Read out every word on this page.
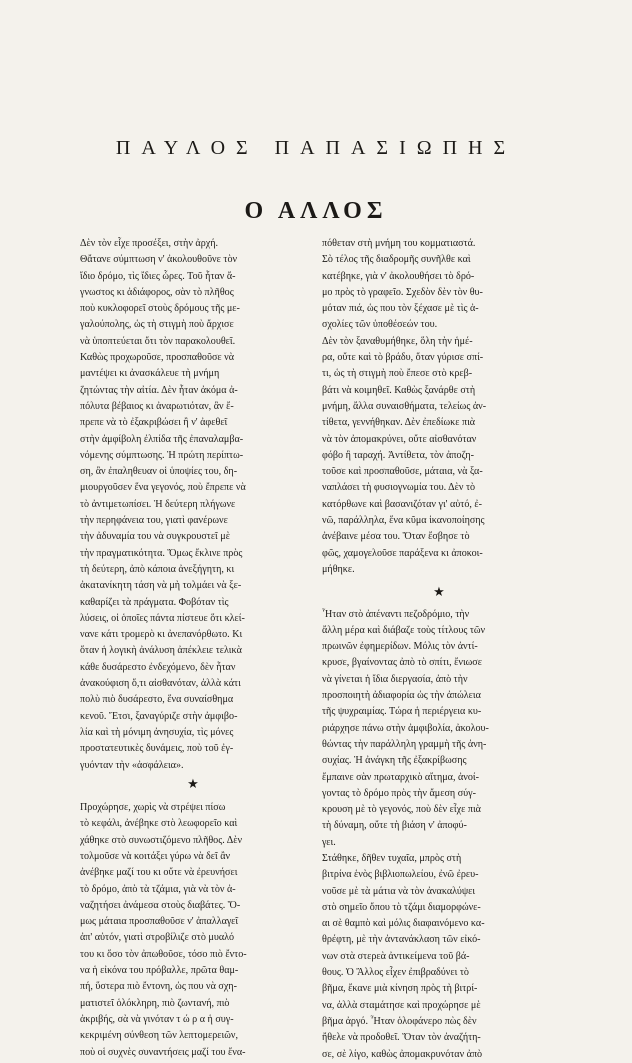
ΠΑΥΛΟΣ ΠΑΠΑΣΙΩΠΗΣ
Ο ΑΛΛΟΣ
Δὲν τὸν εἶχε προσέξει, στὴν ἀρχή.
Θἄτανε σύμπτωση ν' ἀκολουθοῦνε τὸν
ἴδιο δρόμο, τὶς ἴδιες ὧρες. Τοῦ ἦταν ἄ-
γνωστος κι ἀδιάφορος, σὰν τὸ πλῆθος
ποὺ κυκλοφορεῖ στοὺς δρόμους τῆς με-
γαλούπολης, ὡς τὴ στιγμὴ ποὺ ἄρχισε
νὰ ὑποπτεύεται ὅτι τὸν παρακολουθεῖ.
Καθὼς προχωροῦσε, προσπαθοῦσε νὰ
μαντέψει κι ἀνασκάλευε τὴ μνήμη
ζητώντας τὴν αἰτία. Δὲν ἦταν ἀκόμα ἀ-
πόλυτα βέβαιος κι ἀναρωτιόταν, ἂν ἔ-
πρεπε νὰ τὸ ἐξακριβώσει ἢ ν' ἀφεθεῖ
στὴν ἀμφίβολη ἐλπίδα τῆς ἐπαναλαμβα-
νόμενης σύμπτωσης. Ἡ πρώτη περίπτω-
ση, ἂν ἐπαληθευαν οἱ ὑποψίες του, δη-
μιουργοῦσεν ἕνα γεγονός, ποὺ ἔπρεπε νὰ
τὸ ἀντιμετωπίσει. Ἡ δεύτερη πλήγωνε
τὴν περηφάνεια του, γιατὶ φανέρωνε
τὴν ἀδυναμία του νὰ συγκρουστεῖ μὲ
τὴν πραγματικότητα. Ὅμως ἔκλινε πρὸς
τὴ δεύτερη, ἀπὸ κάποια ἀνεξήγητη, κι
ἀκατανίκητη τάση νὰ μὴ τολμάει νὰ ξε-
καθαρίζει τὰ πράγματα. Φοβόταν τὶς
λύσεις, οἱ ὁποῖες πάντα πίστευε ὅτι κλεί-
νανε κάτι τρομερὸ κι ἀνεπανόρθωτο. Κι
ὅταν ἡ λογικὴ ἀνάλυση ἀπέκλειε τελικὰ
κάθε δυσάρεστο ἐνδεχόμενο, δὲν ἦταν
ἀνακούφιση ὅ,τι αἰσθανόταν, ἀλλὰ κάτι
πολὺ πιὸ δυσάρεστο, ἕνα συναίσθημα
κενοῦ. Ἔτσι, ξαναγύριζε στὴν ἀμφιβο-
λία καὶ τὴ μόνιμη ἀνησυχία, τὶς μόνες
προστατευτικὲς δυνάμεις, ποὺ τοῦ ἐγ-
γυόνταν τὴν «ἀσφάλεια».
★
Προχώρησε, χωρὶς νὰ στρέψει πίσω
τὸ κεφάλι, ἀνέβηκε στὸ λεωφορεῖο καὶ
χάθηκε στὸ συνωστιζόμενο πλῆθος. Δὲν
τολμοῦσε νὰ κοιτάξει γύρω νὰ δεῖ ἂν
ἀνέβηκε μαζί του κι οὔτε νὰ ἐρευνήσει
τὸ δρόμο, ἀπὸ τὰ τζάμια, γιὰ νὰ τὸν ἀ-
ναζητήσει ἀνάμεσα στοὺς διαβάτες. Ὅ-
μως μάταια προσπαθοῦσε ν' ἀπαλλαγεῖ
ἀπ' αὐτόν, γιατὶ στροβίλιζε στὸ μυαλό
του κι ὅσο τὸν ἀπωθοῦσε, τόσο πιὸ ἔντο-
να ἡ εἰκόνα του πρόβαλλε, πρῶτα θαμ-
πή, ὕστερα πιὸ ἔντονη, ὡς που νὰ σχη-
ματιστεῖ ὁλόκληρη, πιὸ ζωντανή, πιὸ
ἀκριβής, σὰ νὰ γινόταν τ ώ ρ α ἡ συγ-
κεκριμένη σύνθεση τῶν λεπτομερειῶν,
ποὺ οἱ συχνὲς συναντήσεις μαζί του ἔνα-
πόθεταν στὴ μνήμη του κομματιαστά.
Σὸ τέλος τῆς διαδρομῆς συνῆλθε καὶ
κατέβηκε, γιὰ ν' ἀκολουθήσει τὸ δρό-
μο πρὸς τὸ γραφεῖο. Σχεδὸν δὲν τὸν θυ-
μόταν πιά, ὡς που τὸν ξέχασε μὲ τὶς ἀ-
σχολίες τῶν ὑποθέσεών του.
Δὲν τὸν ξαναθυμήθηκε, ὅλη τὴν ἡμέ-
ρα, οὔτε καὶ τὸ βράδυ, ὅταν γύρισε σπί-
τι, ὡς τὴ στιγμὴ ποὺ ἔπεσε στὸ κρεβ-
βάτι νὰ κοιμηθεῖ. Καθὼς ξανάρθε στὴ
μνήμη, ἄλλα συναισθήματα, τελείως ἀν-
τίθετα, γεννήθηκαν. Δὲν ἐπεδίωκε πιὰ
νὰ τὸν ἀπομακρύνει, οὔτε αἰσθανόταν
φόβο ἢ ταραχή. Ἀντίθετα, τὸν ἀποζη-
τοῦσε καὶ προσπαθοῦσε, μάταια, νὰ ξα-
ναπλάσει τὴ φυσιογνωμία του. Δὲν τὸ
κατόρθωνε καὶ βασανιζόταν γι' αὐτό, ἐ-
νῶ, παράλληλα, ἕνα κῦμα ἱκανοποίησης
ἀνέβαινε μέσα του. Ὅταν ἔσβησε τὸ
φῶς, χαμογελοῦσε παράξενα κι ἀποκοι-
μήθηκε.
★
Ἦταν στὸ ἀπέναντι πεζοδρόμιο, τὴν
ἄλλη μέρα καὶ διάβαζε τοὺς τίτλους τῶν
πρωινῶν ἐφημερίδων. Μόλις τὸν ἀντί-
κρυσε, βγαίνοντας ἀπὸ τὸ σπίτι, ἔνιωσε
νὰ γίνεται ἡ ἴδια διεργασία, ἀπὸ τὴν
προσποιητὴ ἀδιαφορία ὡς τὴν ἀπώλεια
τῆς ψυχραιμίας. Τώρα ἡ περιέργεια κυ-
ριάρχησε πάνω στὴν ἀμφιβολία, ἀκολου-
θώντας τὴν παράλληλη γραμμὴ τῆς ἀνη-
συχίας. Ἡ ἀνάγκη τῆς ἐξακρίβωσης
ἔμπαινε σὰν πρωταρχικὸ αἴτημα, ἀνοί-
γοντας τὸ δρόμο πρὸς τὴν ἄμεση σύγ-
κρουση μὲ τὸ γεγονός, ποὺ δὲν εἶχε πιὰ
τὴ δύναμη, οὔτε τὴ βιάση ν' ἀποφύ-
γει.
Στάθηκε, δῆθεν τυχαῖα, μπρὸς στὴ
βιτρίνα ἑνὸς βιβλιοπωλείου, ἐνῶ ἐρευ-
νοῦσε μὲ τὰ μάτια νὰ τὸν ἀνακαλύψει
στὸ σημεῖο ὅπου τὸ τζάμι διαμορφώνε-
αι σὲ θαμπὸ καὶ μόλις διαφαινόμενο κα-
θρέφτη, μὲ τὴν ἀντανάκλαση τῶν εἰκό-
νων στὰ στερεὰ ἀντικείμενα τοῦ βά-
θους. Ὁ Ἄλλος εἶχεν ἐπιβραδύνει τὸ
βῆμα, ἔκανε μιὰ κίνηση πρὸς τὴ βιτρί-
να, ἀλλὰ σταμάτησε καὶ προχώρησε μὲ
βῆμα ἀργό. Ἦταν ὁλοφάνερο πὼς δὲν
ἤθελε νὰ προδοθεῖ. Ὅταν τὸν ἀναζήτη-
σε, σὲ λίγο, καθὼς ἀπομακρυνόταν ἀπὸ
